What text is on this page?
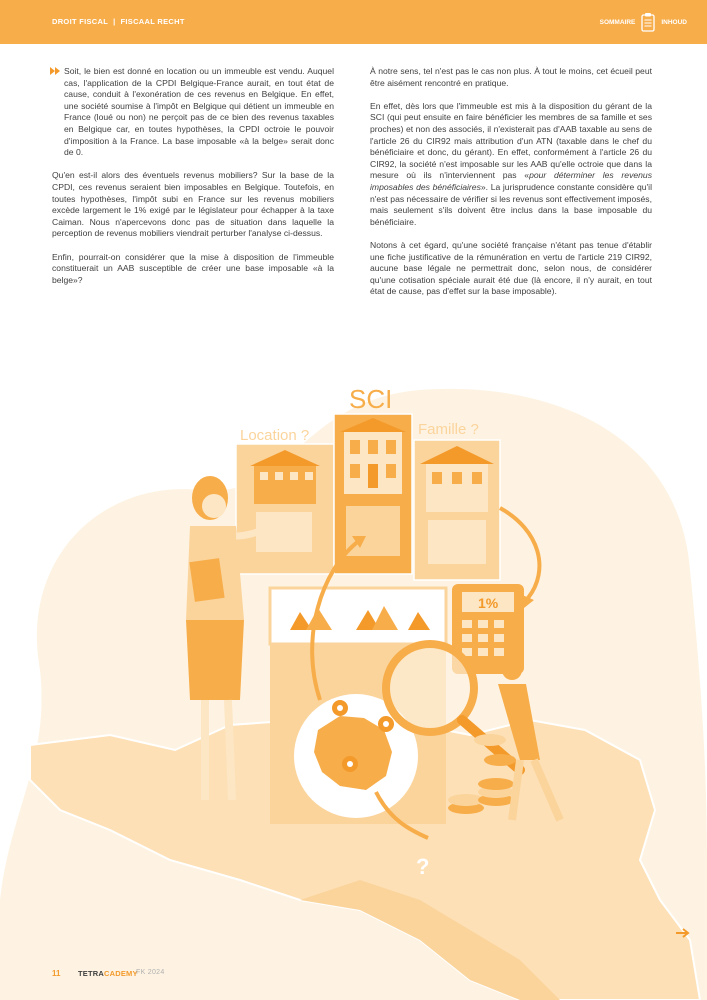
DROIT FISCAL | FISCAAL RECHT	SOMMAIRE	INHOUD

Soit, le bien est donné en location ou un immeuble est vendu. Auquel cas, l'application de la CPDI Belgique-France aurait, en tout état de cause, conduit à l'exonération de ces revenus en Belgique. En effet, une société soumise à l'impôt en Belgique qui détient un immeuble en France (loué ou non) ne perçoit pas de ce bien des revenus taxables en Belgique car, en toutes hypothèses, la CPDI octroie le pouvoir d'imposition à la France. La base imposable «à la belge» serait donc de 0.

Qu'en est-il alors des éventuels revenus mobiliers? Sur la base de la CPDI, ces revenus seraient bien imposables en Belgique. Toutefois, en toutes hypothèses, l'impôt subi en France sur les revenus mobiliers excède largement le 1% exigé par le législateur pour échapper à la taxe Caiman. Nous n'apercevons donc pas de situation dans laquelle la perception de revenus mobiliers viendrait perturber l'analyse ci-dessus.

Enfin, pourrait-on considérer que la mise à disposition de l'immeuble constituerait un AAB susceptible de créer une base imposable «à la belge»?

À notre sens, tel n'est pas le cas non plus. À tout le moins, cet écueil peut être aisément rencontré en pratique.

En effet, dès lors que l'immeuble est mis à la disposition du gérant de la SCI (qui peut ensuite en faire bénéficier les membres de sa famille et ses proches) et non des associés, il n'existerait pas d'AAB taxable au sens de l'article 26 du CIR92 mais attribution d'un ATN (taxable dans le chef du bénéficiaire et donc, du gérant). En effet, conformément à l'article 26 du CIR92, la société n'est imposable sur les AAB qu'elle octroie que dans la mesure où ils n'interviennent pas «pour déterminer les revenus imposables des bénéficiaires». La jurisprudence constante considère qu'il n'est pas nécessaire de vérifier si les revenus sont effectivement imposés, mais seulement s'ils doivent être inclus dans la base imposable du bénéficiaire.

Notons à cet égard, qu'une société française n'étant pas tenue d'établir une fiche justificative de la rémunération en vertu de l'article 219 CIR92, aucune base légale ne permettrait donc, selon nous, de considérer qu'une cotisation spéciale aurait été due (là encore, il n'y aurait, en tout état de cause, pas d'effet sur la base imposable).

SCI
Location ?	Famille ?
?
1%
11 TETRACADEMY
FK 2024
